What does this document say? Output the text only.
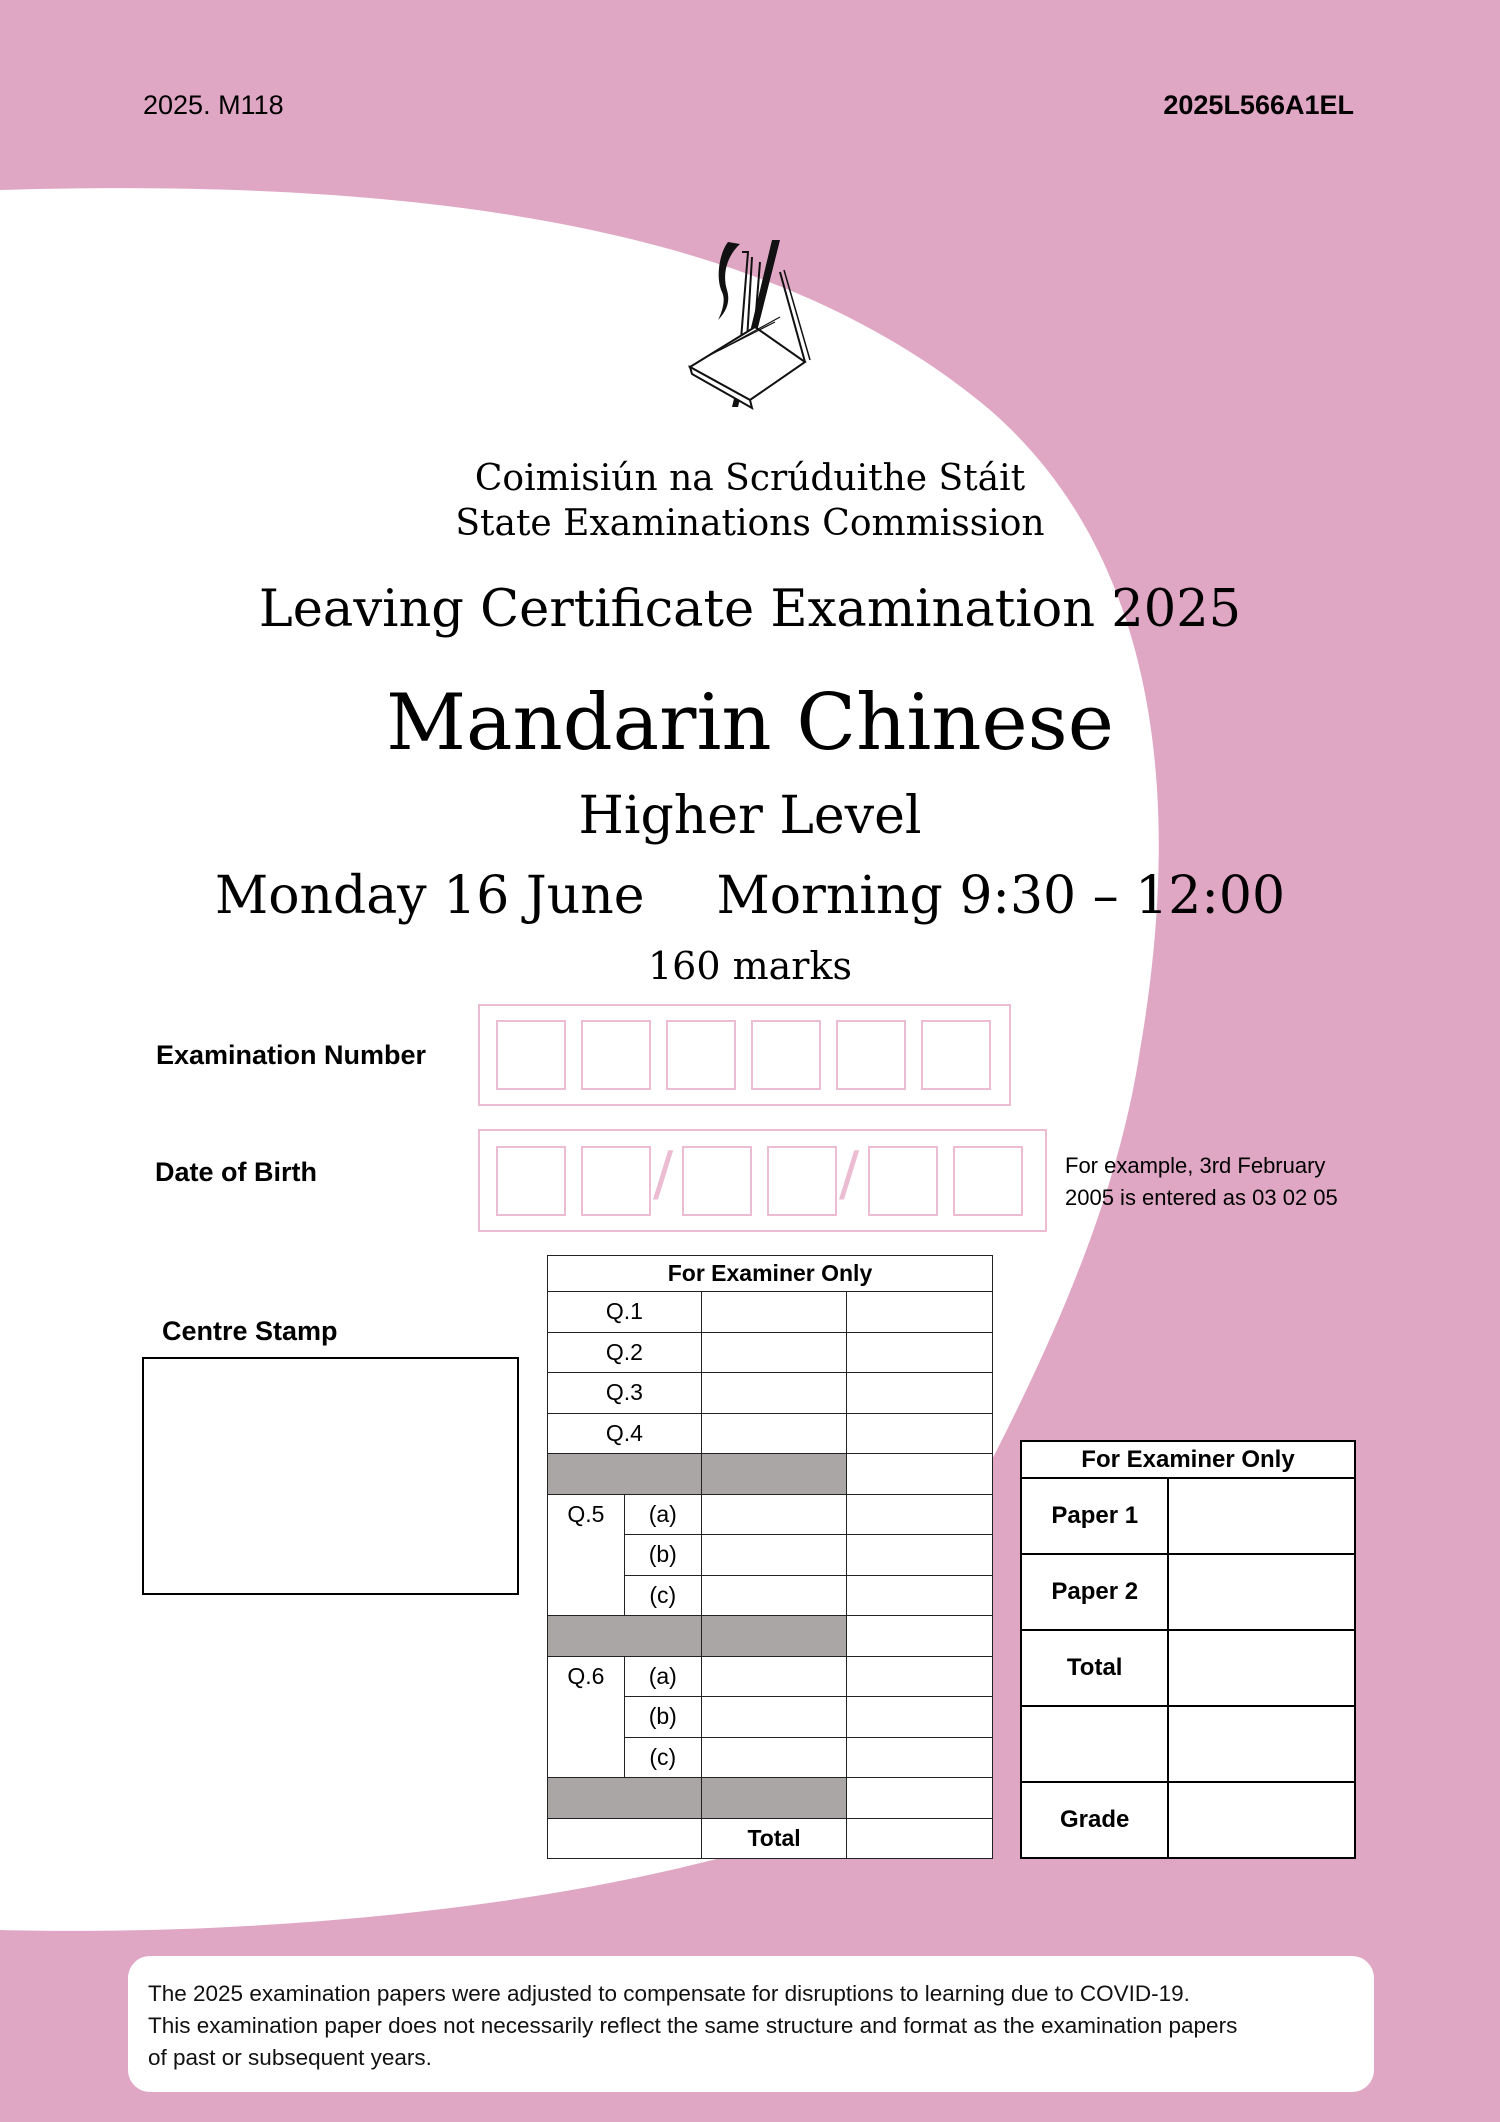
2025. M118	2025L566A1EL
Coimisiún na Scrúduithe Stáit
State Examinations Commission
Leaving Certificate Examination 2025
Mandarin Chinese
Higher Level
Monday 16 June Morning 9:30 – 12:00
160 marks
Examination Number
Date of Birth	/	/	For example, 3rd February
2005 is entered as 03 02 05
Centre Stamp
For Examiner Only			
Q.1			
Q.2			
Q.3			
Q.4			

Q.5	(a)		
	(b)		
	(c)		

Q.6	(a)		
	(b)		
	(c)		

		Total	
For Examiner Only	
Paper 1	
Paper 2	
Total	

Grade	
The 2025 examination papers were adjusted to compensate for disruptions to learning due to COVID-19.
This examination paper does not necessarily reflect the same structure and format as the examination papers
of past or subsequent years.
